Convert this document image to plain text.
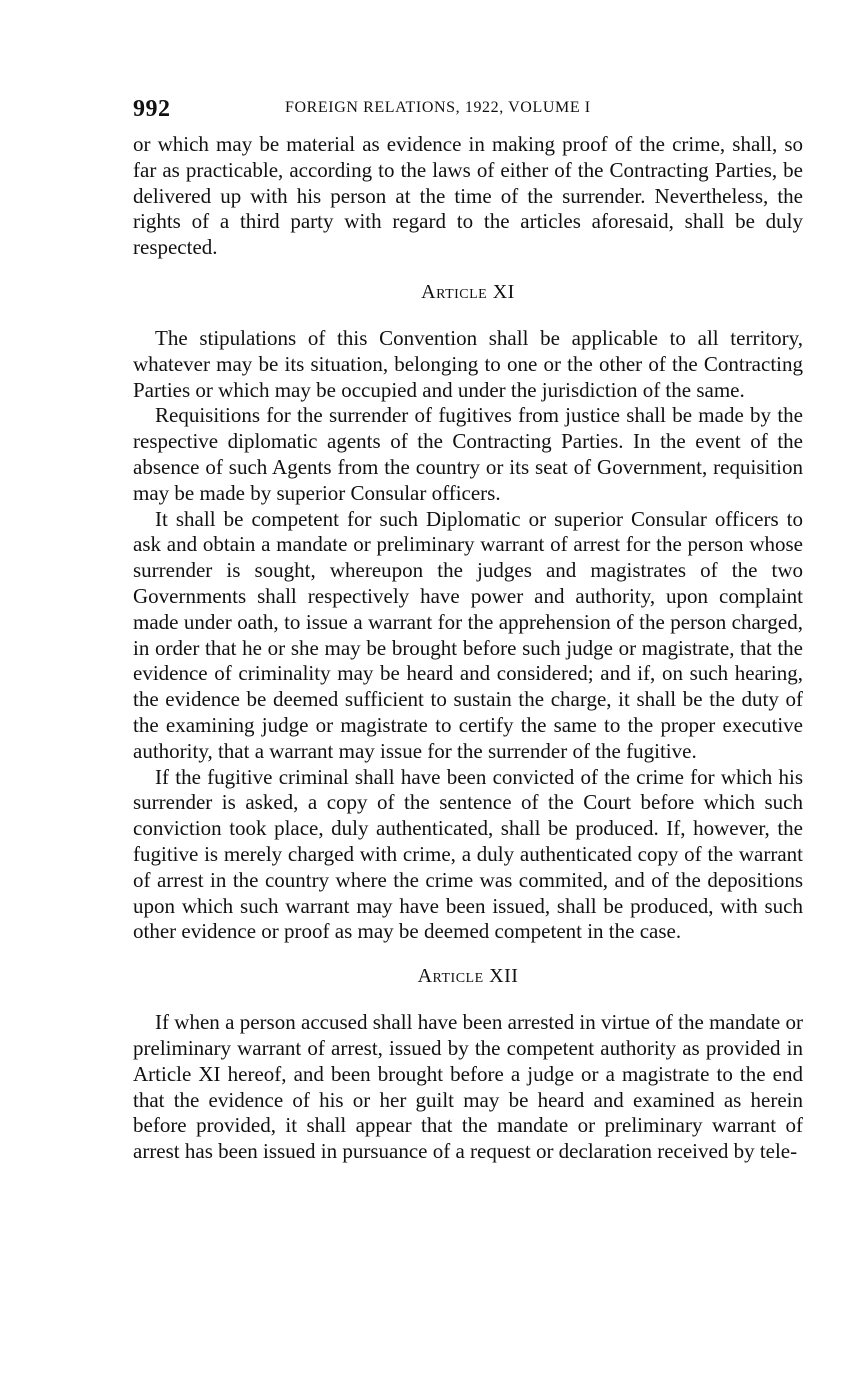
992	FOREIGN RELATIONS, 1922, VOLUME I

or which may be material as evidence in making proof of the crime, shall, so far as practicable, according to the laws of either of the Contracting Parties, be delivered up with his person at the time of the surrender. Nevertheless, the rights of a third party with regard to the articles aforesaid, shall be duly respected.

Article XI

The stipulations of this Convention shall be applicable to all territory, whatever may be its situation, belonging to one or the other of the Contracting Parties or which may be occupied and under the jurisdiction of the same.

Requisitions for the surrender of fugitives from justice shall be made by the respective diplomatic agents of the Contracting Parties. In the event of the absence of such Agents from the country or its seat of Government, requisition may be made by superior Consular officers.

It shall be competent for such Diplomatic or superior Consular officers to ask and obtain a mandate or preliminary warrant of arrest for the person whose surrender is sought, whereupon the judges and magistrates of the two Governments shall respectively have power and authority, upon complaint made under oath, to issue a warrant for the apprehension of the person charged, in order that he or she may be brought before such judge or magistrate, that the evidence of criminality may be heard and considered; and if, on such hearing, the evidence be deemed sufficient to sustain the charge, it shall be the duty of the examining judge or magistrate to certify the same to the proper executive authority, that a warrant may issue for the surrender of the fugitive.

If the fugitive criminal shall have been convicted of the crime for which his surrender is asked, a copy of the sentence of the Court before which such conviction took place, duly authenticated, shall be produced. If, however, the fugitive is merely charged with crime, a duly authenticated copy of the warrant of arrest in the country where the crime was commited, and of the depositions upon which such warrant may have been issued, shall be produced, with such other evidence or proof as may be deemed competent in the case.

Article XII

If when a person accused shall have been arrested in virtue of the mandate or preliminary warrant of arrest, issued by the competent authority as provided in Article XI hereof, and been brought before a judge or a magistrate to the end that the evidence of his or her guilt may be heard and examined as herein before provided, it shall appear that the mandate or preliminary warrant of arrest has been issued in pursuance of a request or declaration received by tele-
